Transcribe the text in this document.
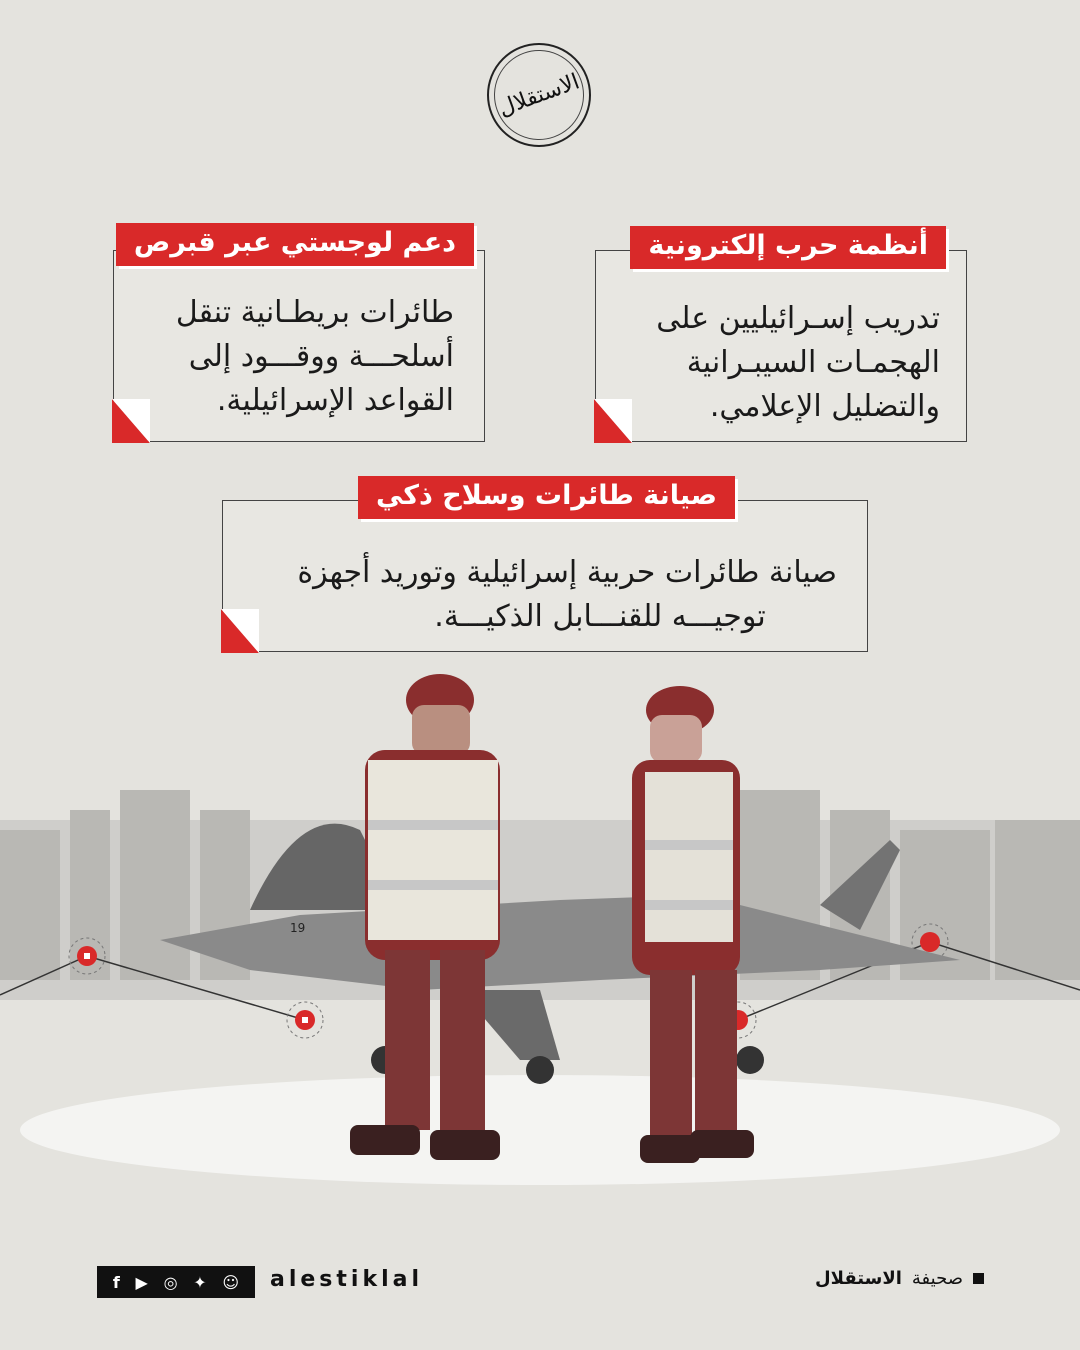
الاستقلال
أنظمة حرب إلكترونية
تدريب إسـرائيليين على
الهجمـات السيبـرانية
والتضليل الإعلامي.
دعم لوجستي عبر قبرص
طائرات بريطـانية تنقل
أسلحـــة ووقـــود إلى
القواعد الإسرائيلية.
صيانة طائرات وسلاح ذكي
صيانة طائرات حربية إسرائيلية وتوريد أجهزة
توجيـــه للقنـــابل الذكيـــة.
19
f ▶ ◎ ✦ ☺ alestiklal	صحيفة
الاستقلال
